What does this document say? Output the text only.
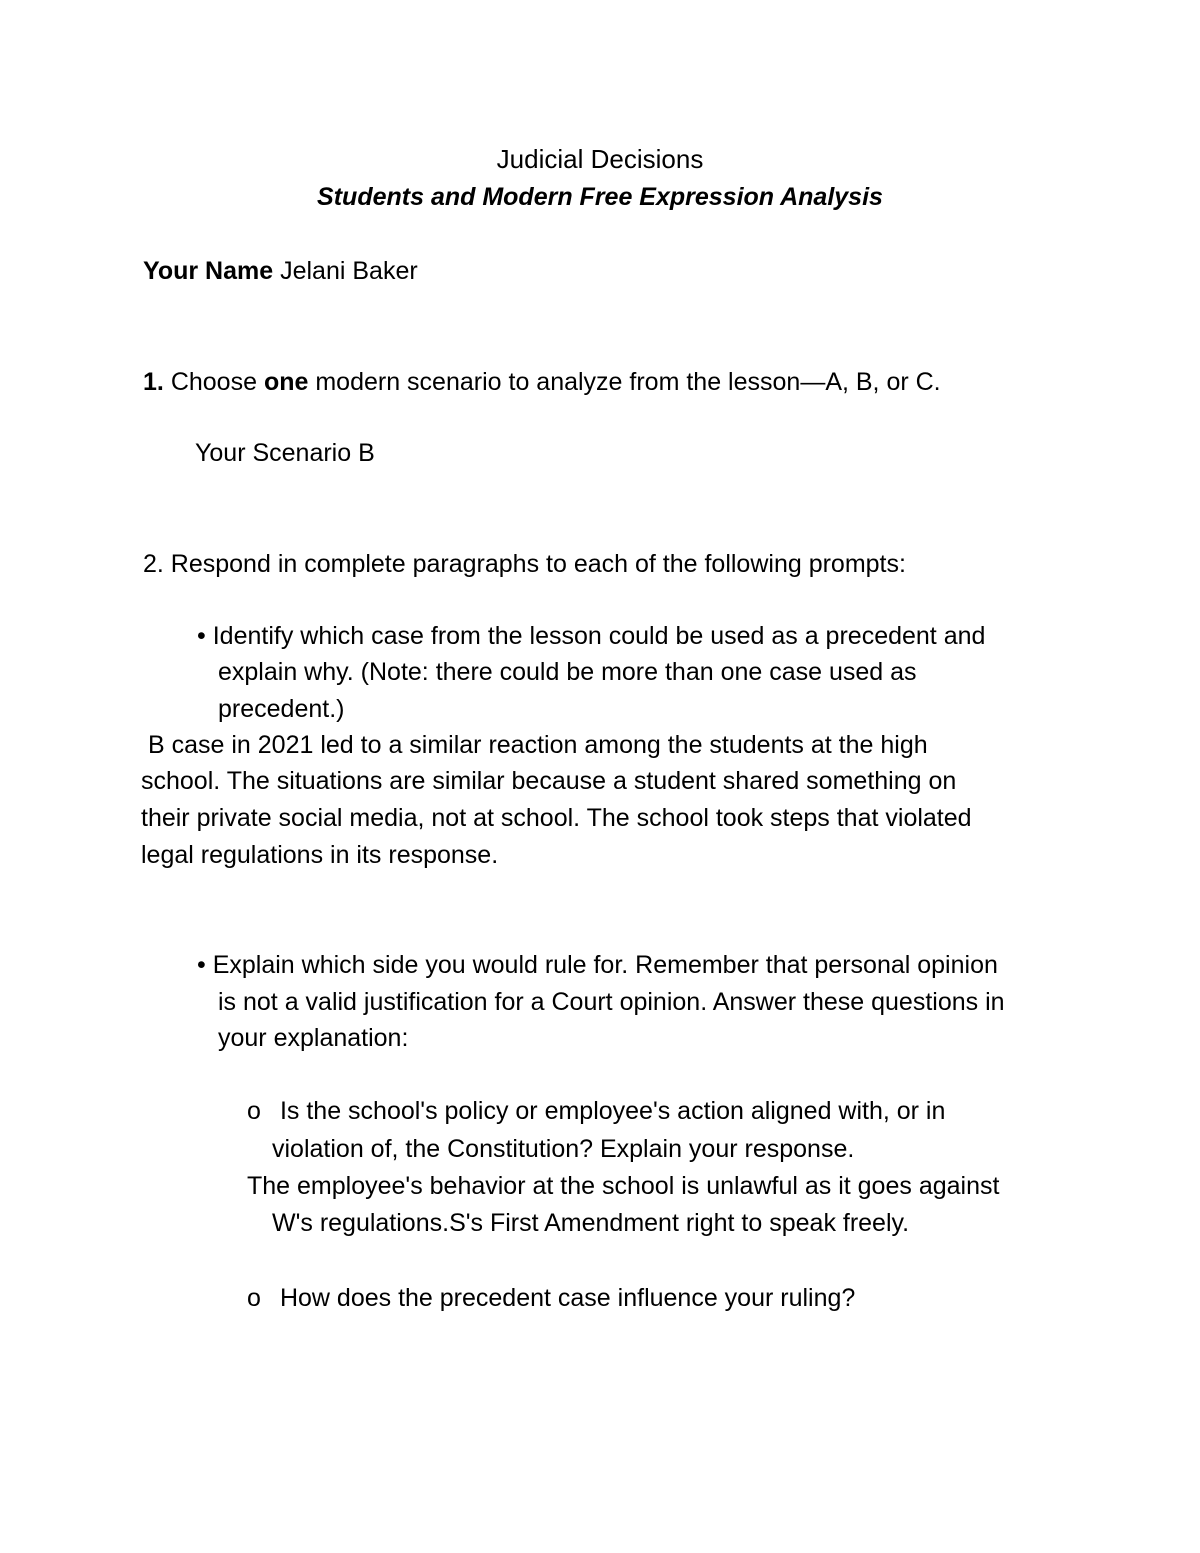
Judicial Decisions
Students and Modern Free Expression Analysis
Your Name Jelani Baker
1. Choose one modern scenario to analyze from the lesson—A, B, or C.
Your Scenario B
2. Respond in complete paragraphs to each of the following prompts:
• Identify which case from the lesson could be used as a precedent and
explain why. (Note: there could be more than one case used as
precedent.)
B case in 2021 led to a similar reaction among the students at the high
school. The situations are similar because a student shared something on
their private social media, not at school. The school took steps that violated
legal regulations in its response.
• Explain which side you would rule for. Remember that personal opinion
is not a valid justification for a Court opinion. Answer these questions in
your explanation:
o Is the school's policy or employee's action aligned with, or in
violation of, the Constitution? Explain your response.
The employee's behavior at the school is unlawful as it goes against
W's regulations.S's First Amendment right to speak freely.
o How does the precedent case influence your ruling?
